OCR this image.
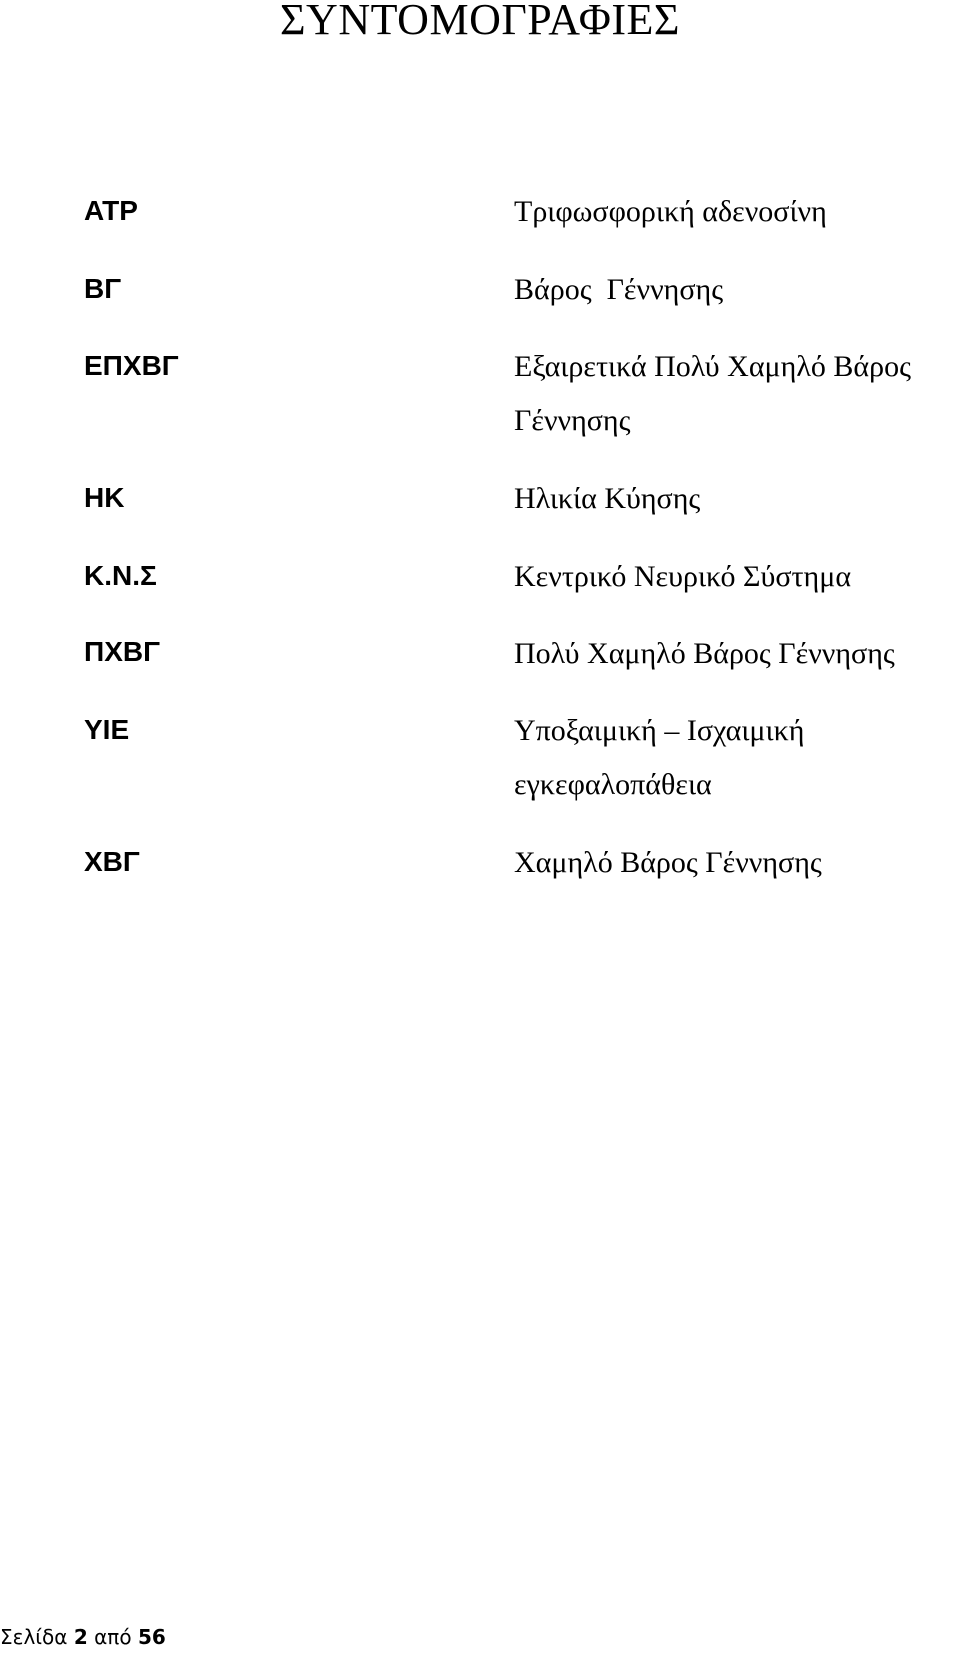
ΣΥΝΤΟΜΟΓΡΑΦΙΕΣ
ATP	Τριφωσφορική αδενοσίνη
ΒΓ	Βάρος  Γέννησης
ΕΠΧΒΓ	Εξαιρετικά Πολύ Χαμηλό Βάρος
Γέννησης
ΗΚ	Ηλικία Κύησης
Κ.Ν.Σ	Κεντρικό Νευρικό Σύστημα
ΠΧΒΓ	Πολύ Χαμηλό Βάρος Γέννησης
ΥΙΕ	Υποξαιμική – Ισχαιμική
εγκεφαλοπάθεια
ΧΒΓ	Χαμηλό Βάρος Γέννησης
Σελίδα 2 από 56
